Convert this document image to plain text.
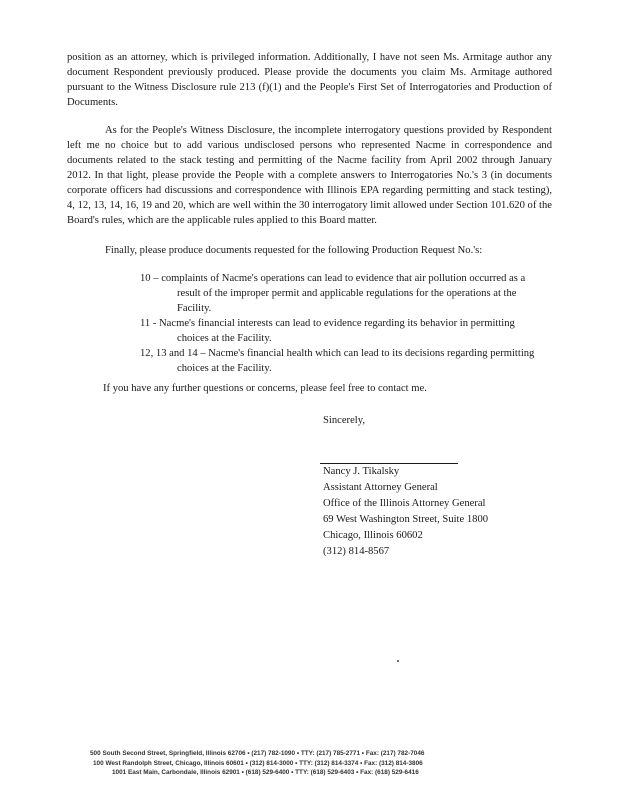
position as an attorney, which is privileged information. Additionally, I have not seen Ms. Armitage author any document Respondent previously produced. Please provide the documents you claim Ms. Armitage authored pursuant to the Witness Disclosure rule 213 (f)(1) and the People's First Set of Interrogatories and Production of Documents.

As for the People's Witness Disclosure, the incomplete interrogatory questions provided by Respondent left me no choice but to add various undisclosed persons who represented Nacme in correspondence and documents related to the stack testing and permitting of the Nacme facility from April 2002 through January 2012. In that light, please provide the People with a complete answers to Interrogatories No.'s 3 (in documents corporate officers had discussions and correspondence with Illinois EPA regarding permitting and stack testing), 4, 12, 13, 14, 16, 19 and 20, which are well within the 30 interrogatory limit allowed under Section 101.620 of the Board's rules, which are the applicable rules applied to this Board matter.

Finally, please produce documents requested for the following Production Request No.'s:

10 – complaints of Nacme's operations can lead to evidence that air pollution occurred as a result of the improper permit and applicable regulations for the operations at the Facility.
11 - Nacme's financial interests can lead to evidence regarding its behavior in permitting choices at the Facility.
12, 13 and 14 – Nacme's financial health which can lead to its decisions regarding permitting choices at the Facility.
If you have any further questions or concerns, please feel free to contact me.
Sincerely,
Nancy J. Tikalsky
Assistant Attorney General
Office of the Illinois Attorney General
69 West Washington Street, Suite 1800
Chicago, Illinois 60602
(312) 814-8567
500 South Second Street, Springfield, Illinois 62706 • (217) 782-1090 • TTY: (217) 785-2771 • Fax: (217) 782-7046
100 West Randolph Street, Chicago, Illinois 60601 • (312) 814-3000 • TTY: (312) 814-3374 • Fax: (312) 814-3806
1001 East Main, Carbondale, Illinois 62901 • (618) 529-6400 • TTY: (618) 529-6403 • Fax: (618) 529-6416
